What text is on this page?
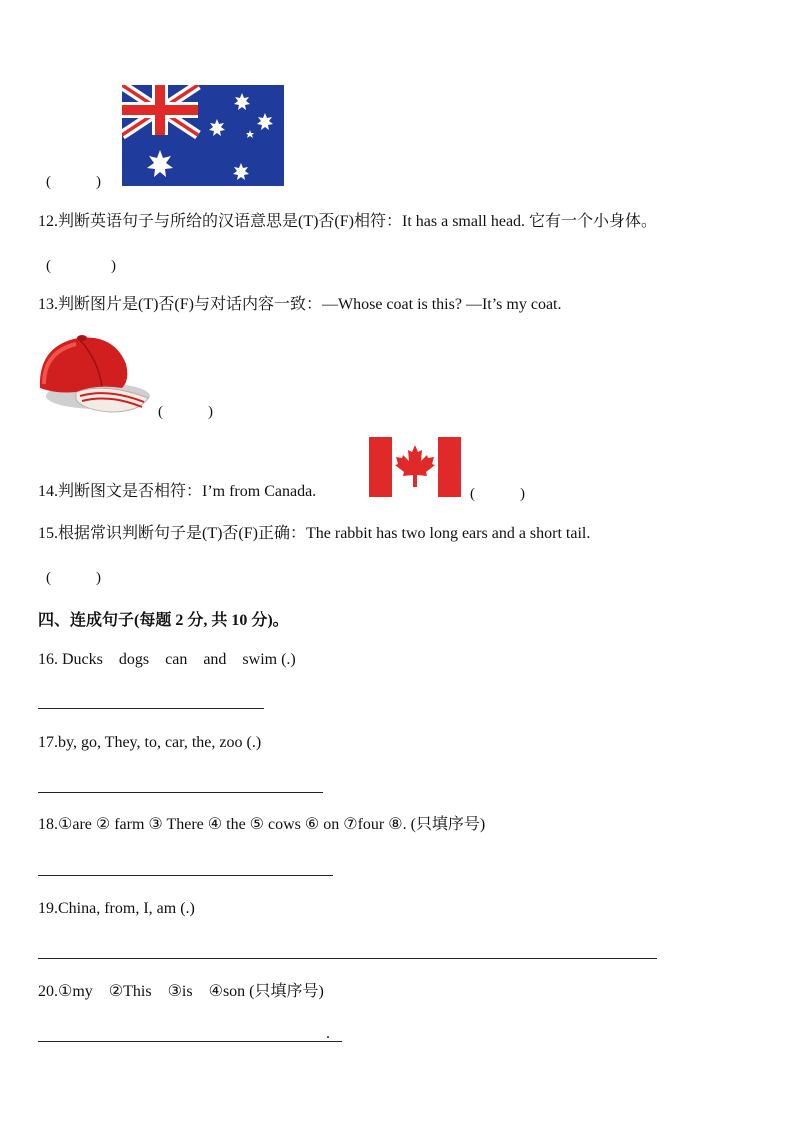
(　　　)
12.判断英语句子与所给的汉语意思是(T)否(F)相符：It has a small head. 它有一个小身体。
(　　　　)
13.判断图片是(T)否(F)与对话内容一致：—Whose coat is this? —It’s my coat.
(　　　)
14.判断图文是否相符：I’m from Canada.	(　　　)
15.根据常识判断句子是(T)否(F)正确：The rabbit has two long ears and a short tail.
(　　　)
四、连成句子(每题 2 分, 共 10 分)。
16. Ducks    dogs    can    and    swim (.)
17.by, go, They, to, car, the, zoo (.)
18.①are ② farm ③ There ④ the ⑤ cows ⑥ on ⑦four ⑧. (只填序号)
19.China, from, I, am (.)
20.①my    ②This    ③is    ④son (只填序号)
.
